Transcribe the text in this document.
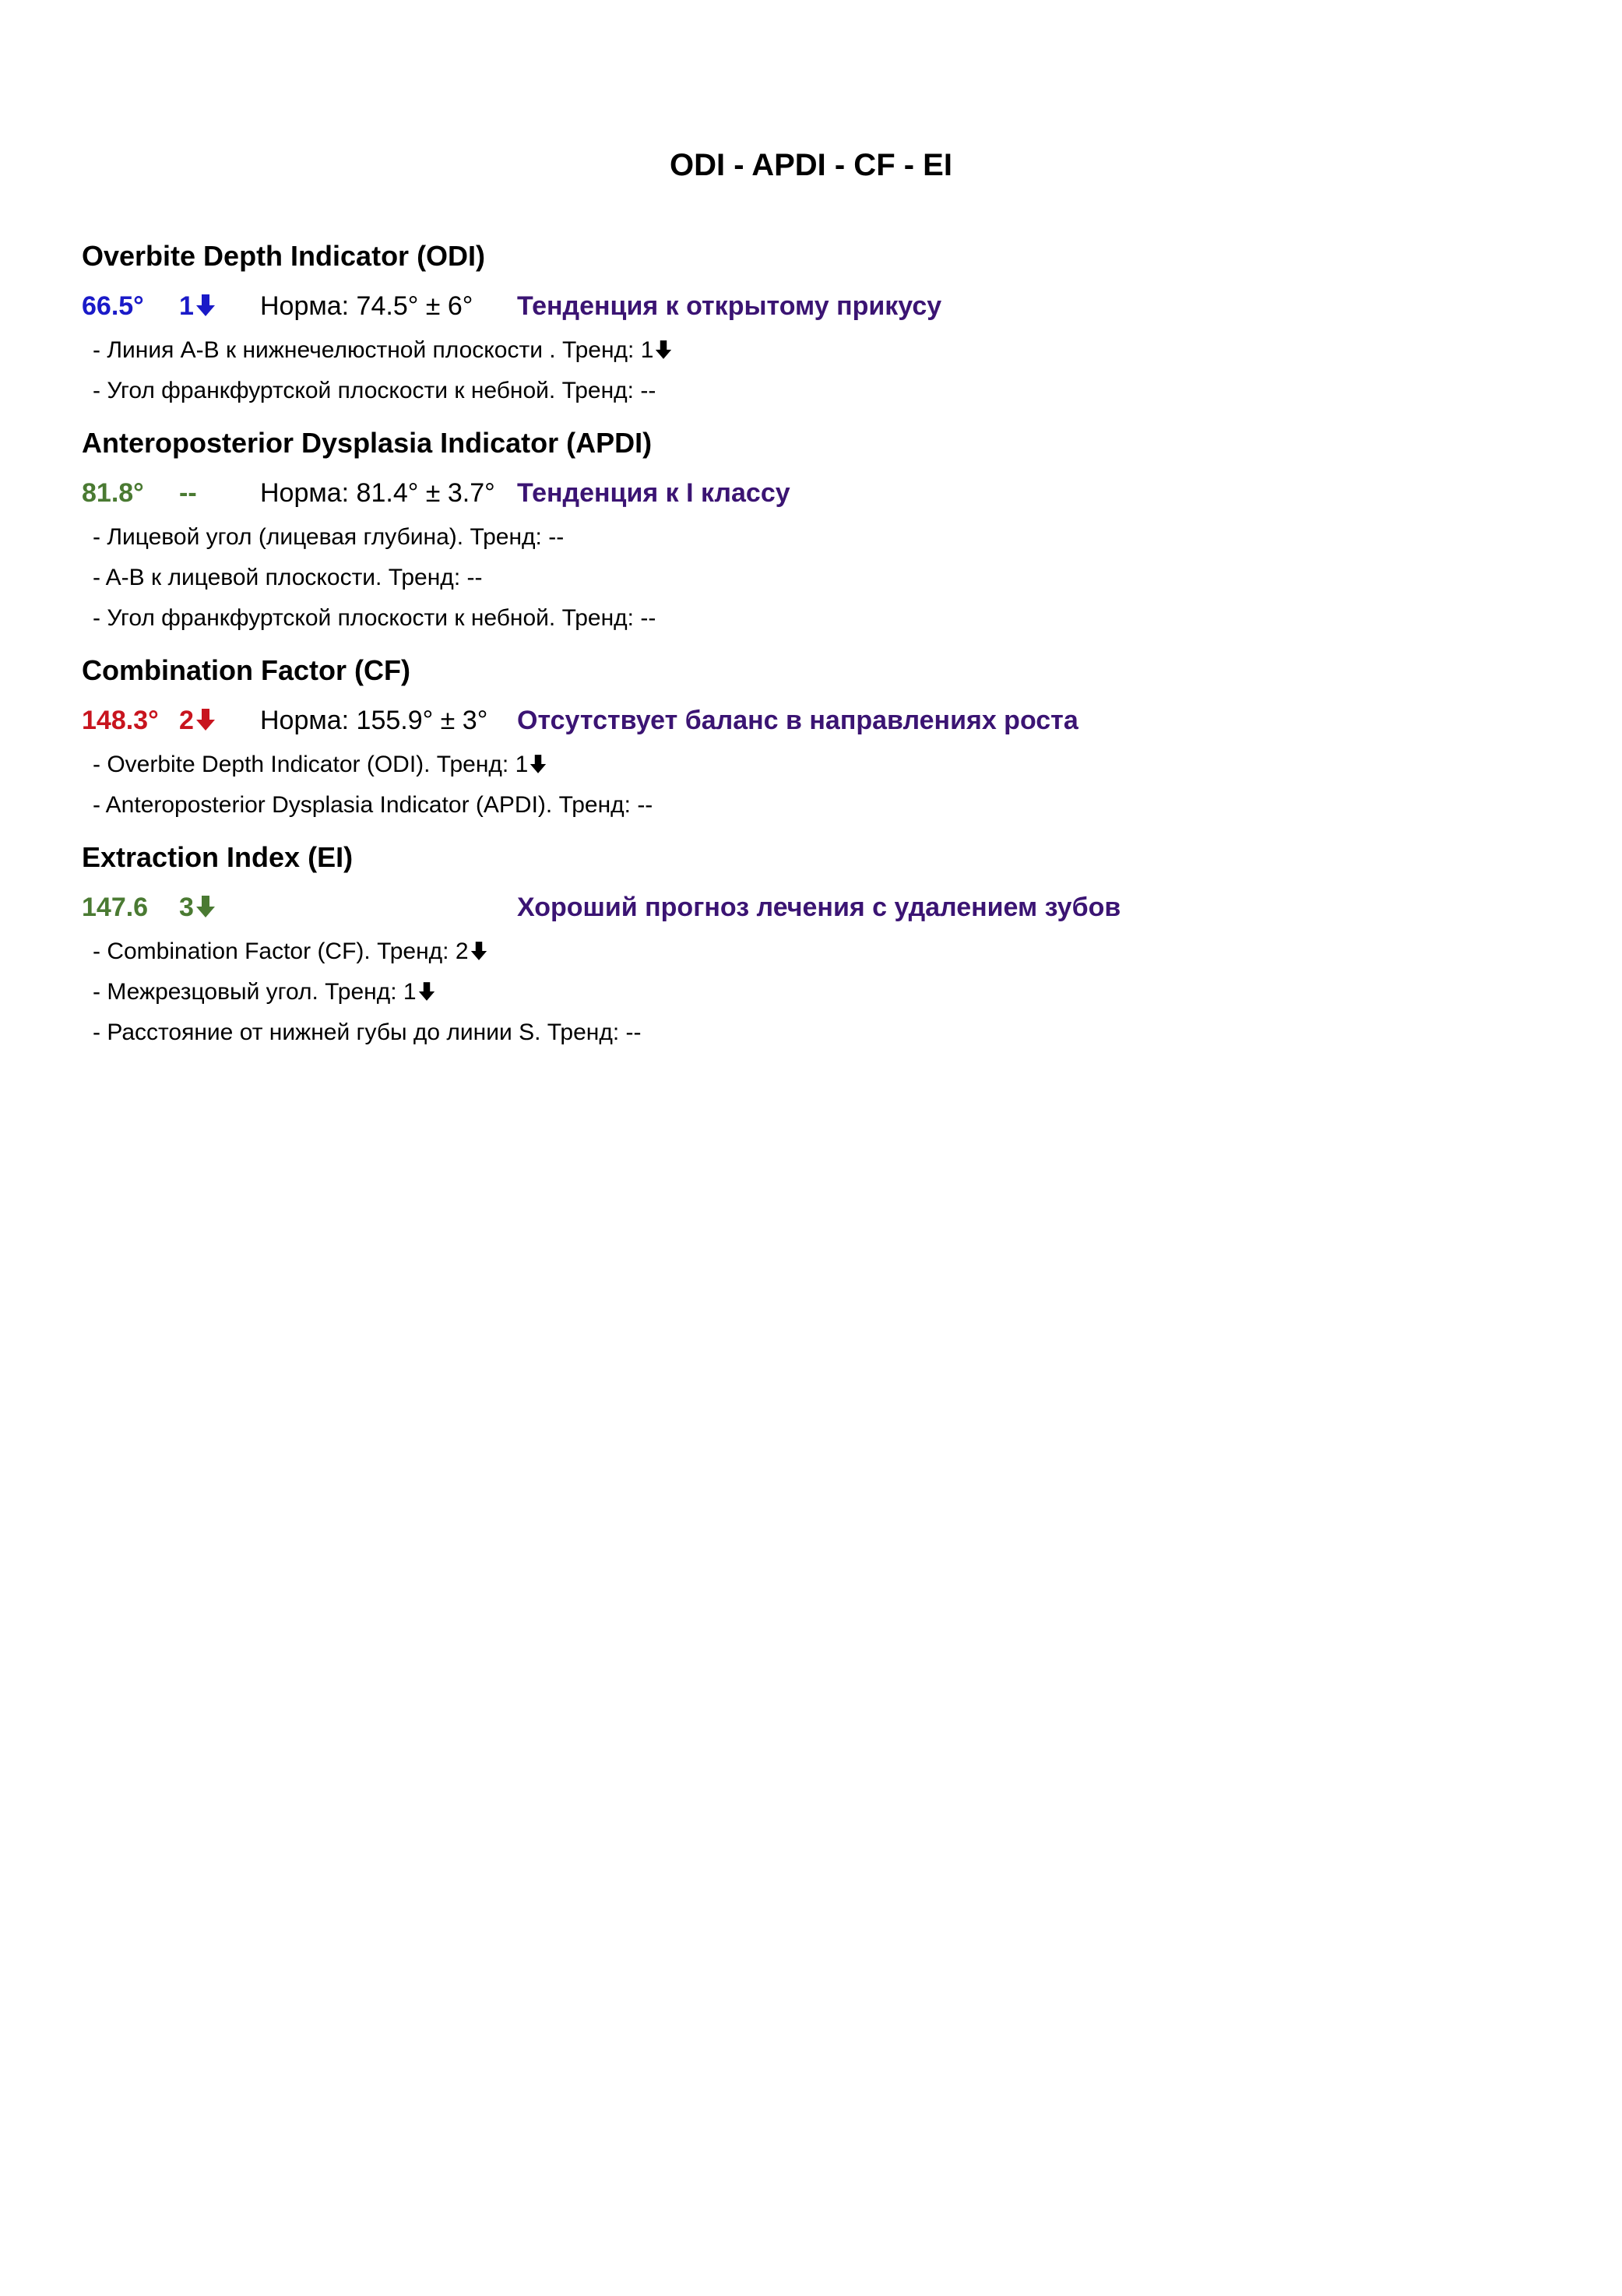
ODI - APDI - CF - EI
Overbite Depth Indicator (ODI)
66.5° 1	Норма: 74.5° ± 6° Тенденция к открытому прикусу
- Линия A-B к нижнечелюстной плоскости . Тренд: 1
- Угол франкфуртской плоскости к небной. Тренд: --
Anteroposterior Dysplasia Indicator (APDI)
81.8° -- Норма: 81.4° ± 3.7° Тенденция к I классу
- Лицевой угол (лицевая глубина). Тренд: --
- A-B к лицевой плоскости. Тренд: --
- Угол франкфуртской плоскости к небной. Тренд: --
Combination Factor (CF)
148.3° 2	Норма: 155.9° ± 3° Отсутствует баланс в направлениях роста
- Overbite Depth Indicator (ODI). Тренд: 1
- Anteroposterior Dysplasia Indicator (APDI). Тренд: --
Extraction Index (EI)
147.6 3	Хороший прогноз лечения с удалением зубов
- Combination Factor (CF). Тренд: 2
- Межрезцовый угол. Тренд: 1
- Расстояние от нижней губы до линии S. Тренд: --
